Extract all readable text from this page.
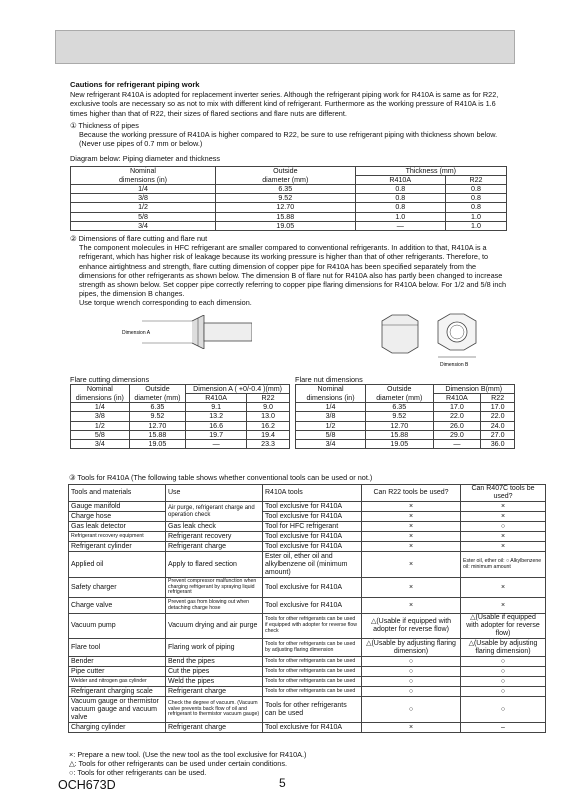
Cautions for refrigerant piping work

New refrigerant R410A is adopted for replacement inverter series. Although the refrigerant piping work for R410A is same as for R22, exclusive tools are necessary so as not to mix with different kind of refrigerant. Furthermore as the working pressure of R410A is 1.6 times higher than that of R22, their sizes of flared sections and flare nuts are different.

① Thickness of pipes

Because the working pressure of R410A is higher compared to R22, be sure to use refrigerant piping with thickness shown below. (Never use pipes of 0.7 mm or below.)

Diagram below: Piping diameter and thickness

Nominal	Outside	Thickness (mm)	
dimensions (in)	diameter (mm)	R410A	R22
1/4	6.35	0.8	0.8
3/8	9.52	0.8	0.8
1/2	12.70	0.8	0.8
5/8	15.88	1.0	1.0
3/4	19.05	—	1.0

② Dimensions of flare cutting and flare nut

The component molecules in HFC refrigerant are smaller compared to conventional refrigerants. In addition to that, R410A is a refrigerant, which has higher risk of leakage because its working pressure is higher than that of other refrigerants. Therefore, to enhance airtightness and strength, flare cutting dimension of copper pipe for R410A has been specified separately from the dimensions for other refrigerants as shown below. The dimension B of flare nut for R410A also has partly been changed to increase strength as shown below. Set copper pipe correctly referring to copper pipe flaring dimensions for R410A below. For 1/2 and 5/8 inch pipes, the dimension B changes.

Use torque wrench corresponding to each dimension.

Dimension A
Dimension B

Flare cutting dimensions

Nominal	Outside	Dimension A ( +0/-0.4 )(mm)	
dimensions (in)	diameter (mm)	R410A	R22
1/4	6.35	9.1	9.0
3/8	9.52	13.2	13.0
1/2	12.70	16.6	16.2
5/8	15.88	19.7	19.4
3/4	19.05	—	23.3

Flare nut dimensions

Nominal	Outside	Dimension B(mm)	
dimensions (in)	diameter (mm)	R410A	R22
1/4	6.35	17.0	17.0
3/8	9.52	22.0	22.0
1/2	12.70	26.0	24.0
5/8	15.88	29.0	27.0
3/4	19.05	—	36.0

③ Tools for R410A (The following table shows whether conventional tools can be used or not.)

Tools and materials	Use	R410A tools	Can R22 tools be used?	Can R407C tools be used?
Gauge manifold	Air purge, refrigerant charge and operation check	Tool exclusive for R410A	×	×
Charge hose		Tool exclusive for R410A	×	×
Gas leak detector	Gas leak check	Tool for HFC refrigerant	×	○
Refrigerant recovery equipment	Refrigerant recovery	Tool exclusive for R410A	×	×
Refrigerant cylinder	Refrigerant charge	Tool exclusive for R410A	×	×
Applied oil	Apply to flared section	Ester oil, ether oil and alkylbenzene oil (minimum amount)	×	Ester oil, ether oil: ○ Alkylbenzene oil: minimum amount
Safety charger	Prevent compressor malfunction when charging refrigerant by spraying liquid refrigerant	Tool exclusive for R410A	×	×
Charge valve	Prevent gas from blowing out when detaching charge hose	Tool exclusive for R410A	×	×
Vacuum pump	Vacuum drying and air purge	Tools for other refrigerants can be used if equipped with adopter for reverse flow check	△(Usable if equipped with adopter for reverse flow)	△(Usable if equipped with adopter for reverse flow)
Flare tool	Flaring work of piping	Tools for other refrigerants can be used by adjusting flaring dimension	△(Usable by adjusting flaring dimension)	△(Usable by adjusting flaring dimension)
Bender	Bend the pipes	Tools for other refrigerants can be used	○	○
Pipe cutter	Cut the pipes	Tools for other refrigerants can be used	○	○
Welder and nitrogen gas cylinder	Weld the pipes	Tools for other refrigerants can be used	○	○
Refrigerant charging scale	Refrigerant charge	Tools for other refrigerants can be used	○	○
Vacuum gauge or thermistor vacuum gauge and vacuum valve	Check the degree of vacuum. (Vacuum valve prevents back flow of oil and refrigerant to thermistor vacuum gauge)	Tools for other refrigerants can be used	○	○
Charging cylinder	Refrigerant charge	Tool exclusive for R410A	×	–

×: Prepare a new tool. (Use the new tool as the tool exclusive for R410A.)

△: Tools for other refrigerants can be used under certain conditions.

○: Tools for other refrigerants can be used.

OCH673D	5
